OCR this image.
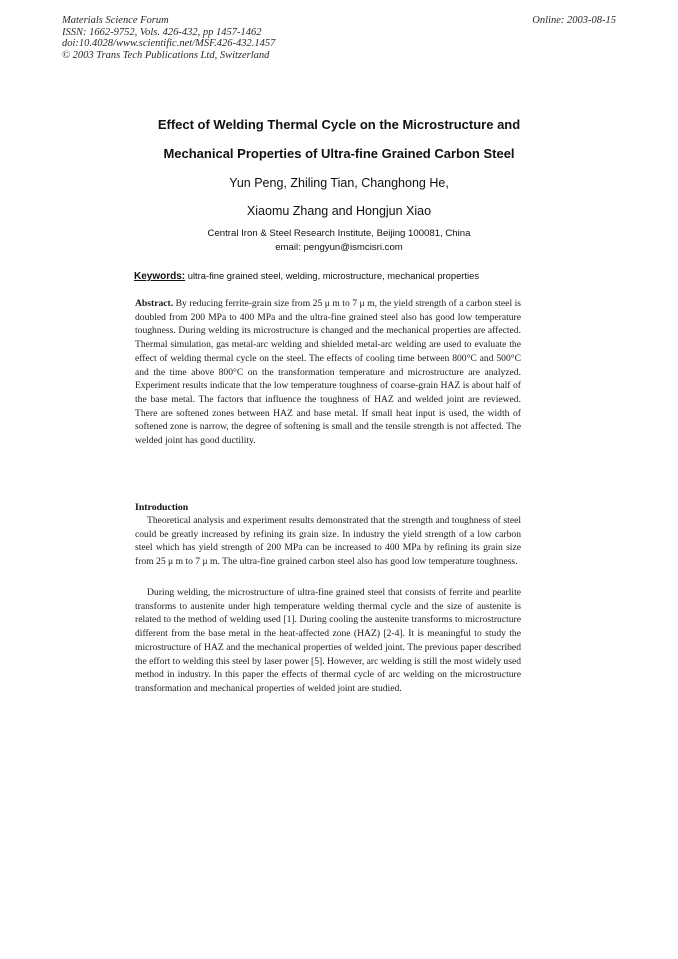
Materials Science Forum
ISSN: 1662-9752, Vols. 426-432, pp 1457-1462
doi:10.4028/www.scientific.net/MSF.426-432.1457
© 2003 Trans Tech Publications Ltd, Switzerland
Online: 2003-08-15
Effect of Welding Thermal Cycle on the Microstructure and
Mechanical Properties of Ultra-fine Grained Carbon Steel
Yun Peng, Zhiling Tian, Changhong He,
Xiaomu Zhang and Hongjun Xiao
Central Iron & Steel Research Institute, Beijing 100081, China
email: pengyun@ismcisri.com
Keywords: ultra-fine grained steel, welding, microstructure, mechanical properties
Abstract. By reducing ferrite-grain size from 25 μ m to 7 μ m, the yield strength of a carbon steel is doubled from 200 MPa to 400 MPa and the ultra-fine grained steel also has good low temperature toughness. During welding its microstructure is changed and the mechanical properties are affected. Thermal simulation, gas metal-arc welding and shielded metal-arc welding are used to evaluate the effect of welding thermal cycle on the steel. The effects of cooling time between 800°C and 500°C and the time above 800°C on the transformation temperature and microstructure are analyzed. Experiment results indicate that the low temperature toughness of coarse-grain HAZ is about half of the base metal. The factors that influence the toughness of HAZ and welded joint are reviewed. There are softened zones between HAZ and base metal. If small heat input is used, the width of softened zone is narrow, the degree of softening is small and the tensile strength is not affected. The welded joint has good ductility.
Introduction
Theoretical analysis and experiment results demonstrated that the strength and toughness of steel could be greatly increased by refining its grain size. In industry the yield strength of a low carbon steel which has yield strength of 200 MPa can be increased to 400 MPa by refining its grain size from 25 μ m to 7 μ m. The ultra-fine grained carbon steel also has good low temperature toughness.
During welding, the microstructure of ultra-fine grained steel that consists of ferrite and pearlite transforms to austenite under high temperature welding thermal cycle and the size of austenite is related to the method of welding used [1]. During cooling the austenite transforms to microstructure different from the base metal in the heat-affected zone (HAZ) [2-4]. It is meaningful to study the microstructure of HAZ and the mechanical properties of welded joint. The previous paper described the effort to welding this steel by laser power [5]. However, arc welding is still the most widely used method in industry. In this paper the effects of thermal cycle of arc welding on the microstructure transformation and mechanical properties of welded joint are studied.
